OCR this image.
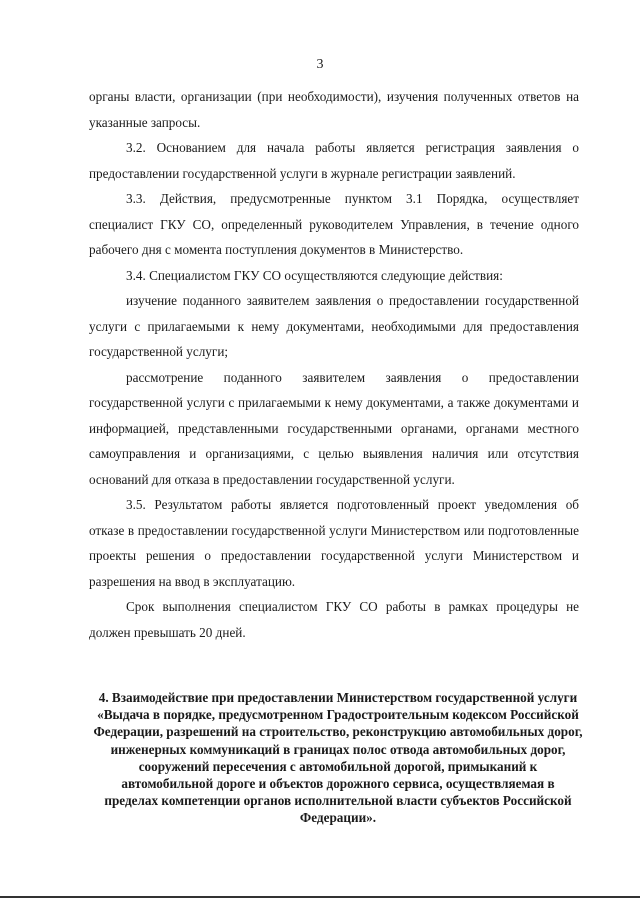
3

органы власти, организации (при необходимости), изучения полученных ответов на указанные запросы.

3.2. Основанием для начала работы является регистрация заявления о предоставлении государственной услуги в журнале регистрации заявлений.

3.3. Действия, предусмотренные пунктом 3.1 Порядка, осуществляет специалист ГКУ СО, определенный руководителем Управления, в течение одного рабочего дня с момента поступления документов в Министерство.

3.4. Специалистом ГКУ СО осуществляются следующие действия:

изучение поданного заявителем заявления о предоставлении государственной услуги с прилагаемыми к нему документами, необходимыми для предоставления государственной услуги;

рассмотрение поданного заявителем заявления о предоставлении государственной услуги с прилагаемыми к нему документами, а также документами и информацией, представленными государственными органами, органами местного самоуправления и организациями, с целью выявления наличия или отсутствия оснований для отказа в предоставлении государственной услуги.

3.5. Результатом работы является подготовленный проект уведомления об отказе в предоставлении государственной услуги Министерством или подготовленные проекты решения о предоставлении государственной услуги Министерством и разрешения на ввод в эксплуатацию.

Срок выполнения специалистом ГКУ СО работы в рамках процедуры не должен превышать 20 дней.

4. Взаимодействие при предоставлении Министерством государственной услуги «Выдача в порядке, предусмотренном Градостроительным кодексом Российской Федерации, разрешений на строительство, реконструкцию автомобильных дорог, инженерных коммуникаций в границах полос отвода автомобильных дорог, сооружений пересечения с автомобильной дорогой, примыканий к автомобильной дороге и объектов дорожного сервиса, осуществляемая в пределах компетенции органов исполнительной власти субъектов Российской Федерации».
